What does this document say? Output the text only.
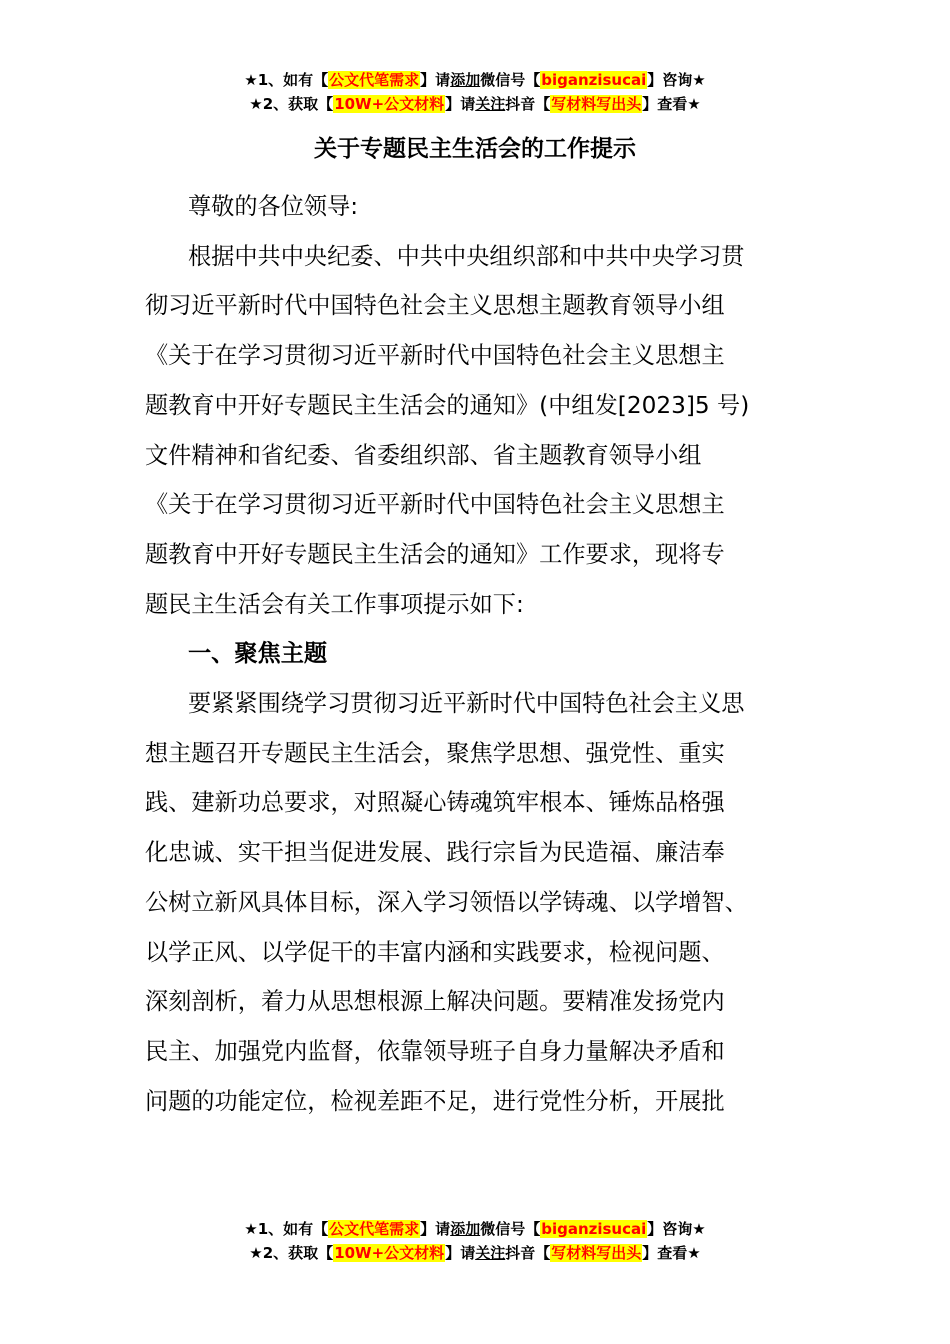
★1、如有【公文代笔需求】请添加微信号【biganzisucai】咨询★
★2、获取【10W+公文材料】请关注抖音【写材料写出头】查看★
关于专题民主生活会的工作提示

尊敬的各位领导:

根据中共中央纪委、中共中央组织部和中共中央学习贯
彻习近平新时代中国特色社会主义思想主题教育领导小组
《关于在学习贯彻习近平新时代中国特色社会主义思想主
题教育中开好专题民主生活会的通知》(中组发[2023]5 号)
文件精神和省纪委、省委组织部、省主题教育领导小组
《关于在学习贯彻习近平新时代中国特色社会主义思想主
题教育中开好专题民主生活会的通知》工作要求，现将专
题民主生活会有关工作事项提示如下:

一、聚焦主题

要紧紧围绕学习贯彻习近平新时代中国特色社会主义思
想主题召开专题民主生活会，聚焦学思想、强党性、重实
践、建新功总要求，对照凝心铸魂筑牢根本、锤炼品格强
化忠诚、实干担当促进发展、践行宗旨为民造福、廉洁奉
公树立新风具体目标，深入学习领悟以学铸魂、以学增智、
以学正风、以学促干的丰富内涵和实践要求，检视问题、
深刻剖析，着力从思想根源上解决问题。要精准发扬党内
民主、加强党内监督，依靠领导班子自身力量解决矛盾和
问题的功能定位，检视差距不足，进行党性分析，开展批

★1、如有【公文代笔需求】请添加微信号【biganzisucai】咨询★
★2、获取【10W+公文材料】请关注抖音【写材料写出头】查看★
